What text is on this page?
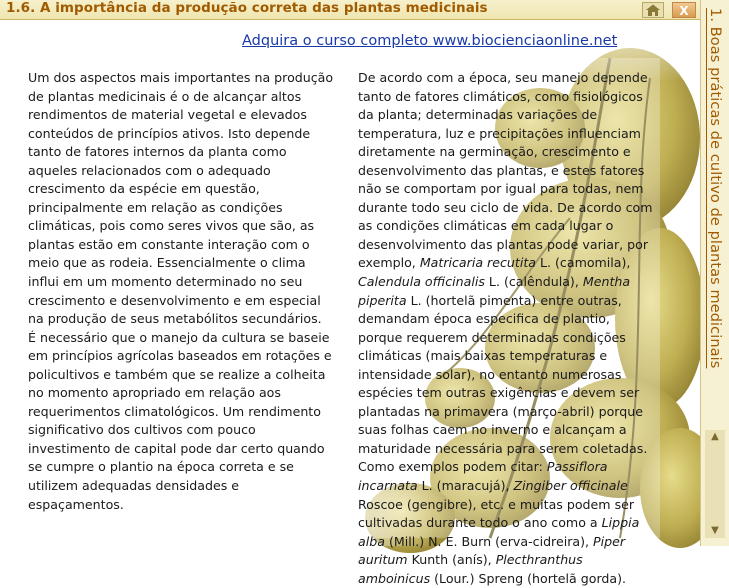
1.6. A importância da produção correta das plantas medicinais	X	1. Boas práticas de cultivo de plantas medicinais
▲
▼
Adquira o curso completo www.biocienciaonline.net

Um dos aspectos mais importantes na produção de plantas medicinais é o de alcançar altos rendimentos de material vegetal e elevados conteúdos de princípios ativos. Isto depende tanto de fatores internos da planta como aqueles relacionados com o adequado crescimento da espécie em questão, principalmente em relação as condições climáticas, pois como seres vivos que são, as plantas estão em constante interação com o meio que as rodeia. Essencialmente o clima influi em um momento determinado no seu crescimento e desenvolvimento e em especial na produção de seus metabólitos secundários.

É necessário que o manejo da cultura se baseie em princípios agrícolas baseados em rotações e policultivos e também que se realize a colheita no momento apropriado em relação aos requerimentos climatológicos. Um rendimento significativo dos cultivos com pouco investimento de capital pode dar certo quando se cumpre o plantio na época correta e se utilizem adequadas densidades e espaçamentos.

De acordo com a época, seu manejo depende tanto de fatores climáticos, como fisiológicos da planta; determinadas variações de temperatura, luz e precipitações influenciam diretamente na germinação, crescimento e desenvolvimento das plantas, e estes fatores não se comportam por igual para todas, nem durante todo seu ciclo de vida. De acordo com as condições climáticas em cada lugar o desenvolvimento das plantas pode variar, por exemplo, Matricaria recutita L. (camomila), Calendula officinalis L. (calêndula), Mentha piperita L. (hortelã pimenta) entre outras, demandam época especifica de plantio, porque requerem determinadas condições climáticas (mais baixas temperaturas e intensidade solar), no entanto numerosas espécies tem outras exigências e devem ser plantadas na primavera (março-abril) porque suas folhas caem no inverno e alcançam a maturidade necessária para serem coletadas. Como exemplos podem citar: Passiflora incarnata L. (maracujá), Zingiber officinale Roscoe (gengibre), etc. e muitas podem ser cultivadas durante todo o ano como a Lippia alba (Mill.) N. E. Burn (erva-cidreira), Piper auritum Kunth (anís), Plecthranthus amboinicus (Lour.) Spreng (hortelã gorda).
